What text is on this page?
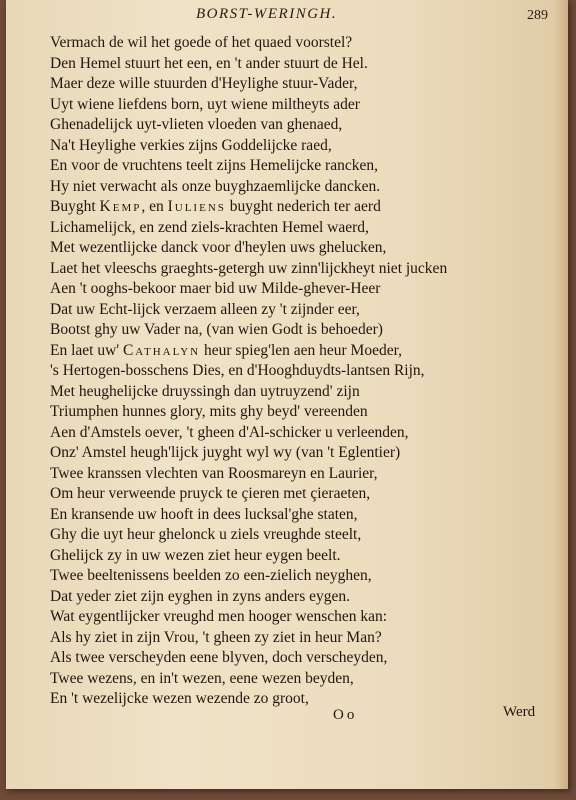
BORST-WERINGH.	289
Vermach de wil het goede of het quaed voorstel?
Den Hemel stuurt het een, en 't ander stuurt de Hel.
Maer deze wille stuurden d'Heylighe stuur-Vader,
Uyt wiene liefdens born, uyt wiene miltheyts ader
Ghenadelijck uyt-vlieten vloeden van ghenaed,
Na't Heylighe verkies zijns Goddelijcke raed,
En voor de vruchtens teelt zijns Hemelijcke rancken,
Hy niet verwacht als onze buyghzaemlijcke dancken.
Buyght Kemp, en Iuliens buyght nederich ter aerd
Lichamelijck, en zend ziels-krachten Hemel waerd,
Met wezentlijcke danck voor d'heylen uws ghelucken,
Laet het vleeschs graeghts-getergh uw zinn'lijckheyt niet jucken
Aen 't ooghs-bekoor maer bid uw Milde-ghever-Heer
Dat uw Echt-lijck verzaem alleen zy 't zijnder eer,
Bootst ghy uw Vader na, (van wien Godt is behoeder)
En laet uw' Cathalyn heur spieg'len aen heur Moeder,
's Hertogen-bosschens Dies, en d'Hooghduydts-lantsen Rijn,
Met heughelijcke druyssingh dan uytruyzend' zijn
Triumphen hunnes glory, mits ghy beyd' vereenden
Aen d'Amstels oever, 't gheen d'Al-schicker u verleenden,
Onz' Amstel heugh'lijck juyght wyl wy (van 't Eglentier)
Twee kranssen vlechten van Roosmareyn en Laurier,
Om heur verweende pruyck te çieren met çieraeten,
En kransende uw hooft in dees lucksal'ghe staten,
Ghy die uyt heur ghelonck u ziels vreughde steelt,
Ghelijck zy in uw wezen ziet heur eygen beelt.
Twee beeltenissens beelden zo een-zielich neyghen,
Dat yeder ziet zijn eyghen in zyns anders eygen.
Wat eygentlijcker vreughd men hooger wenschen kan:
Als hy ziet in zijn Vrou, 't gheen zy ziet in heur Man?
Als twee verscheyden eene blyven, doch verscheyden,
Twee wezens, en in't wezen, eene wezen beyden,
En 't wezelijcke wezen wezende zo groot,
Oo	Werd
